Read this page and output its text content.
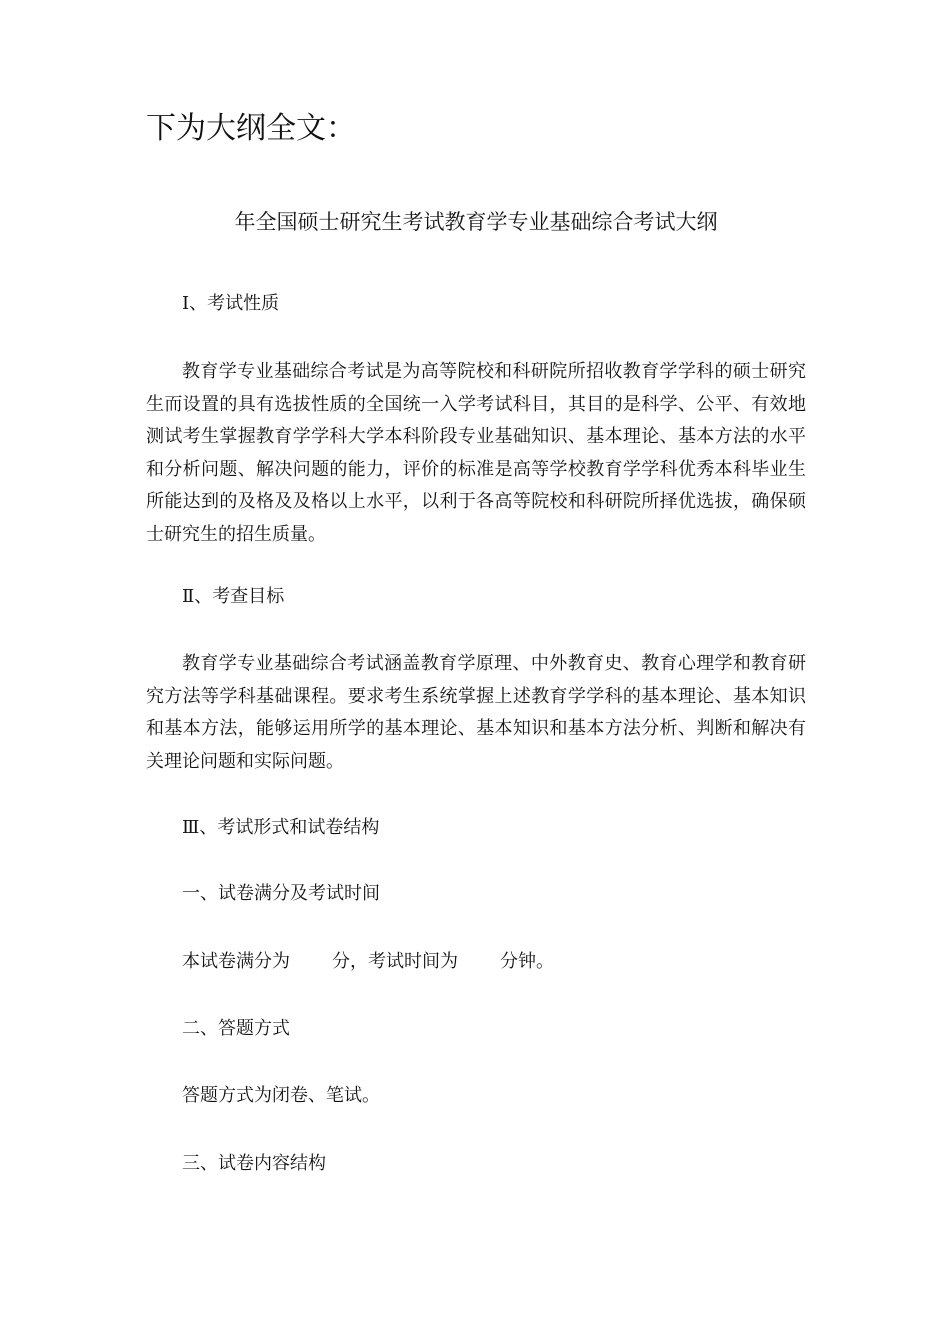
下为大纲全文：
年全国硕士研究生考试教育学专业基础综合考试大纲

Ⅰ、考试性质

教育学专业基础综合考试是为高等院校和科研院所招收教育学学科的硕士研究生而设置的具有选拔性质的全国统一入学考试科目，其目的是科学、公平、有效地测试考生掌握教育学学科大学本科阶段专业基础知识、基本理论、基本方法的水平和分析问题、解决问题的能力，评价的标准是高等学校教育学学科优秀本科毕业生所能达到的及格及及格以上水平，以利于各高等院校和科研院所择优选拔，确保硕士研究生的招生质量。

Ⅱ、考查目标

教育学专业基础综合考试涵盖教育学原理、中外教育史、教育心理学和教育研究方法等学科基础课程。要求考生系统掌握上述教育学学科的基本理论、基本知识和基本方法，能够运用所学的基本理论、基本知识和基本方法分析、判断和解决有关理论问题和实际问题。

Ⅲ、考试形式和试卷结构

一、试卷满分及考试时间

本试卷满分为 分，考试时间为 分钟。

二、答题方式

答题方式为闭卷、笔试。

三、试卷内容结构
